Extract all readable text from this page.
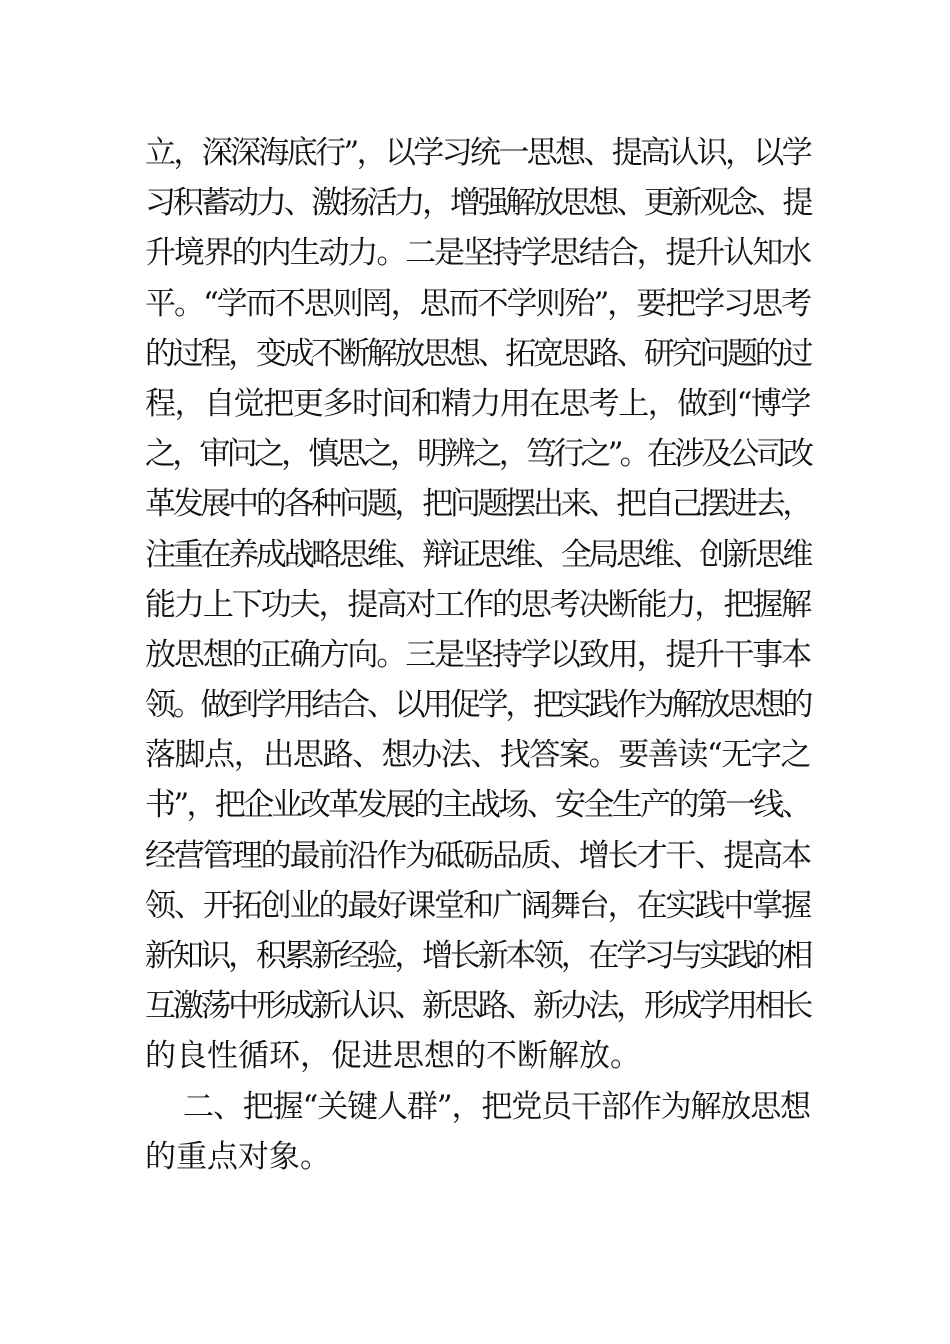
立，深深海底行”，以学习统一思想、提高认识，以学
习积蓄动力、激扬活力，增强解放思想、更新观念、提
升境界的内生动力。二是坚持学思结合，提升认知水
平。“学而不思则罔，思而不学则殆”，要把学习思考
的过程，变成不断解放思想、拓宽思路、研究问题的过
程，自觉把更多时间和精力用在思考上，做到“博学
之，审问之，慎思之，明辨之，笃行之”。在涉及公司改
革发展中的各种问题，把问题摆出来、把自己摆进去，
注重在养成战略思维、辩证思维、全局思维、创新思维
能力上下功夫，提高对工作的思考决断能力，把握解
放思想的正确方向。三是坚持学以致用，提升干事本
领。做到学用结合、以用促学，把实践作为解放思想的
落脚点，出思路、想办法、找答案。要善读“无字之
书”，把企业改革发展的主战场、安全生产的第一线、
经营管理的最前沿作为砥砺品质、增长才干、提高本
领、开拓创业的最好课堂和广阔舞台，在实践中掌握
新知识，积累新经验，增长新本领，在学习与实践的相
互激荡中形成新认识、新思路、新办法，形成学用相长
的良性循环，促进思想的不断解放。
二、把握“关键人群”，把党员干部作为解放思想
的重点对象。
